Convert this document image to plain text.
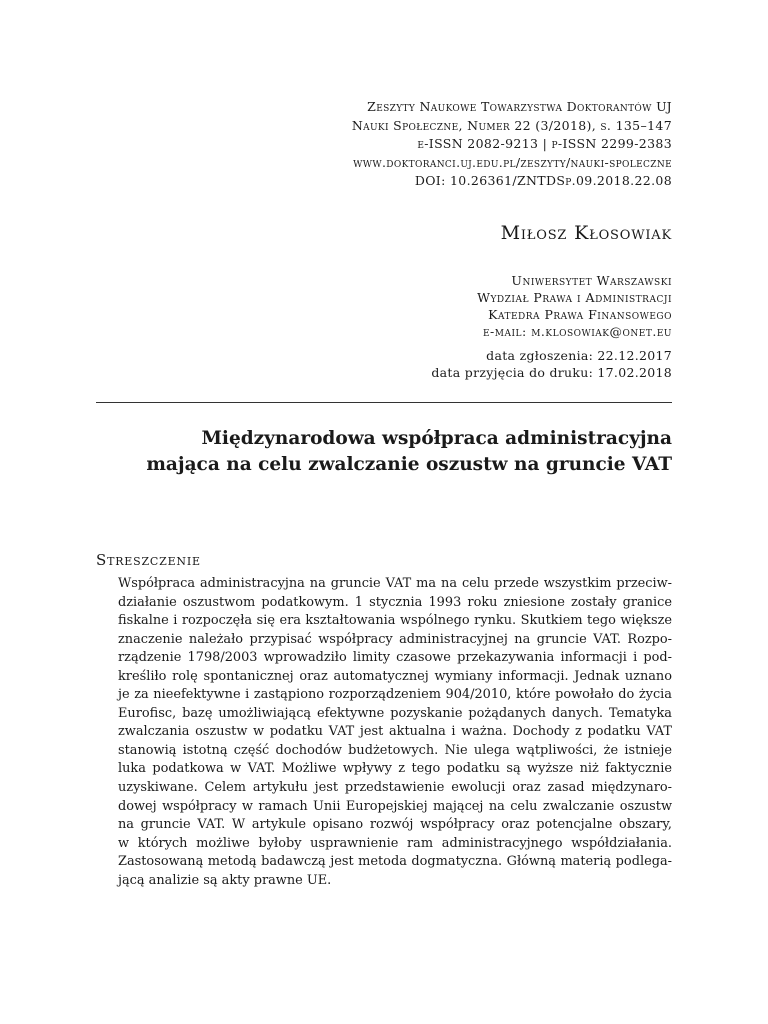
Zeszyty Naukowe Towarzystwa Doktorantów UJ
Nauki Społeczne, Numer 22 (3/2018), s. 135–147
e-ISSN 2082-9213 | p-ISSN 2299-2383
www.doktoranci.uj.edu.pl/zeszyty/nauki-spoleczne
DOI: 10.26361/ZNTDSp.09.2018.22.08
Miłosz Kłosowiak
Uniwersytet Warszawski
Wydział Prawa i Administracji
Katedra Prawa Finansowego
e-mail: m.klosowiak@onet.eu
data zgłoszenia: 22.12.2017
data przyjęcia do druku: 17.02.2018
Międzynarodowa współpraca administracyjna
mająca na celu zwalczanie oszustw na gruncie VAT
Streszczenie
Współpraca administracyjna na gruncie VAT ma na celu przede wszystkim przeciw-
działanie oszustwom podatkowym. 1 stycznia 1993 roku zniesione zostały granice
fiskalne i rozpoczęła się era kształtowania wspólnego rynku. Skutkiem tego większe
znaczenie należało przypisać współpracy administracyjnej na gruncie VAT. Rozpo-
rządzenie 1798/2003 wprowadziło limity czasowe przekazywania informacji i pod-
kreśliło rolę spontanicznej oraz automatycznej wymiany informacji. Jednak uznano
je za nieefektywne i zastąpiono rozporządzeniem 904/2010, które powołało do życia
Eurofisc, bazę umożliwiającą efektywne pozyskanie pożądanych danych. Tematyka
zwalczania oszustw w podatku VAT jest aktualna i ważna. Dochody z podatku VAT
stanowią istotną część dochodów budżetowych. Nie ulega wątpliwości, że istnieje
luka podatkowa w VAT. Możliwe wpływy z tego podatku są wyższe niż faktycznie
uzyskiwane. Celem artykułu jest przedstawienie ewolucji oraz zasad międzynaro-
dowej współpracy w ramach Unii Europejskiej mającej na celu zwalczanie oszustw
na gruncie VAT. W artykule opisano rozwój współpracy oraz potencjalne obszary,
w których możliwe byłoby usprawnienie ram administracyjnego współdziałania.
Zastosowaną metodą badawczą jest metoda dogmatyczna. Główną materią podlega-
jącą analizie są akty prawne UE.
